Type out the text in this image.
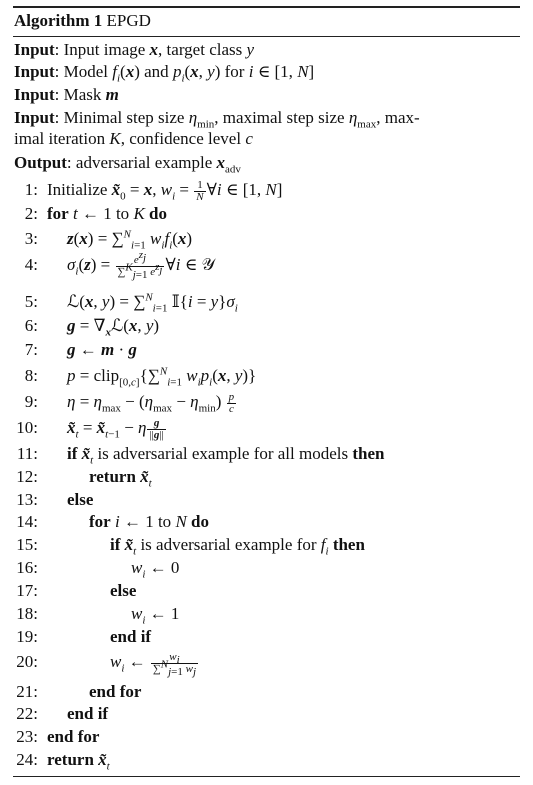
Algorithm 1 EPGD
Input: Input image x, target class y
Input: Model $f_i(x)$ and $p_i(x$, y) for i ∈ [1, N]
Input: Mask m
Input: Minimal step size $\eta_{min}$, maximal step size $\eta_{max}$, max-
imal iteration K, confidence level c
Output: adversarial example $x_{adv}$
1: Initialize $x̃_0 = x$, $w_i = \frac{1}{N}$ ∀i ∈ [1, N]
2: for t ← 1 to K do
3: z(x) = ∑$^N_{i=1}$ $w_if_i(x)$
4: $\sigma_i(z) = \frac{e^{z_j}}{\sum^K_{j=1} e^{z_j}}$ ∀i ∈ 𝒴
5: ℒ(x, y) = ∑$^N_{i=1}$ 𝕀{i = $y\}\sigma_i$
6: $g = \nabla_xℒ(x$, y)
7: g ← m · g
8: p = clip$_{[0,c]}${∑$^N_{i=1}$ $w_ip_i(x$, y)}
9: $\eta = \eta_{max} - (\eta_{max} - \eta_{min}) \frac{p}{c}$
10: $x̃_t$ = $x̃_{t-1} - \eta \frac{g}{||g||}$
11: if $x̃_t$ is adversarial example for all models then
12:	return $x̃_t$
13: else
14:	for i ← 1 to N do
15:	if $x̃_t$ is adversarial example for $f_i$ then
16:	$w_i$ ← 0
17:	else
18:	$w_i$ ← 1
19:	end if
20:	$w_i$ ← $\frac{w_i}{\sum^N_{j=1} w_j}$
21:	end for
22: end if
23: end for
24: return $x̃_t$
